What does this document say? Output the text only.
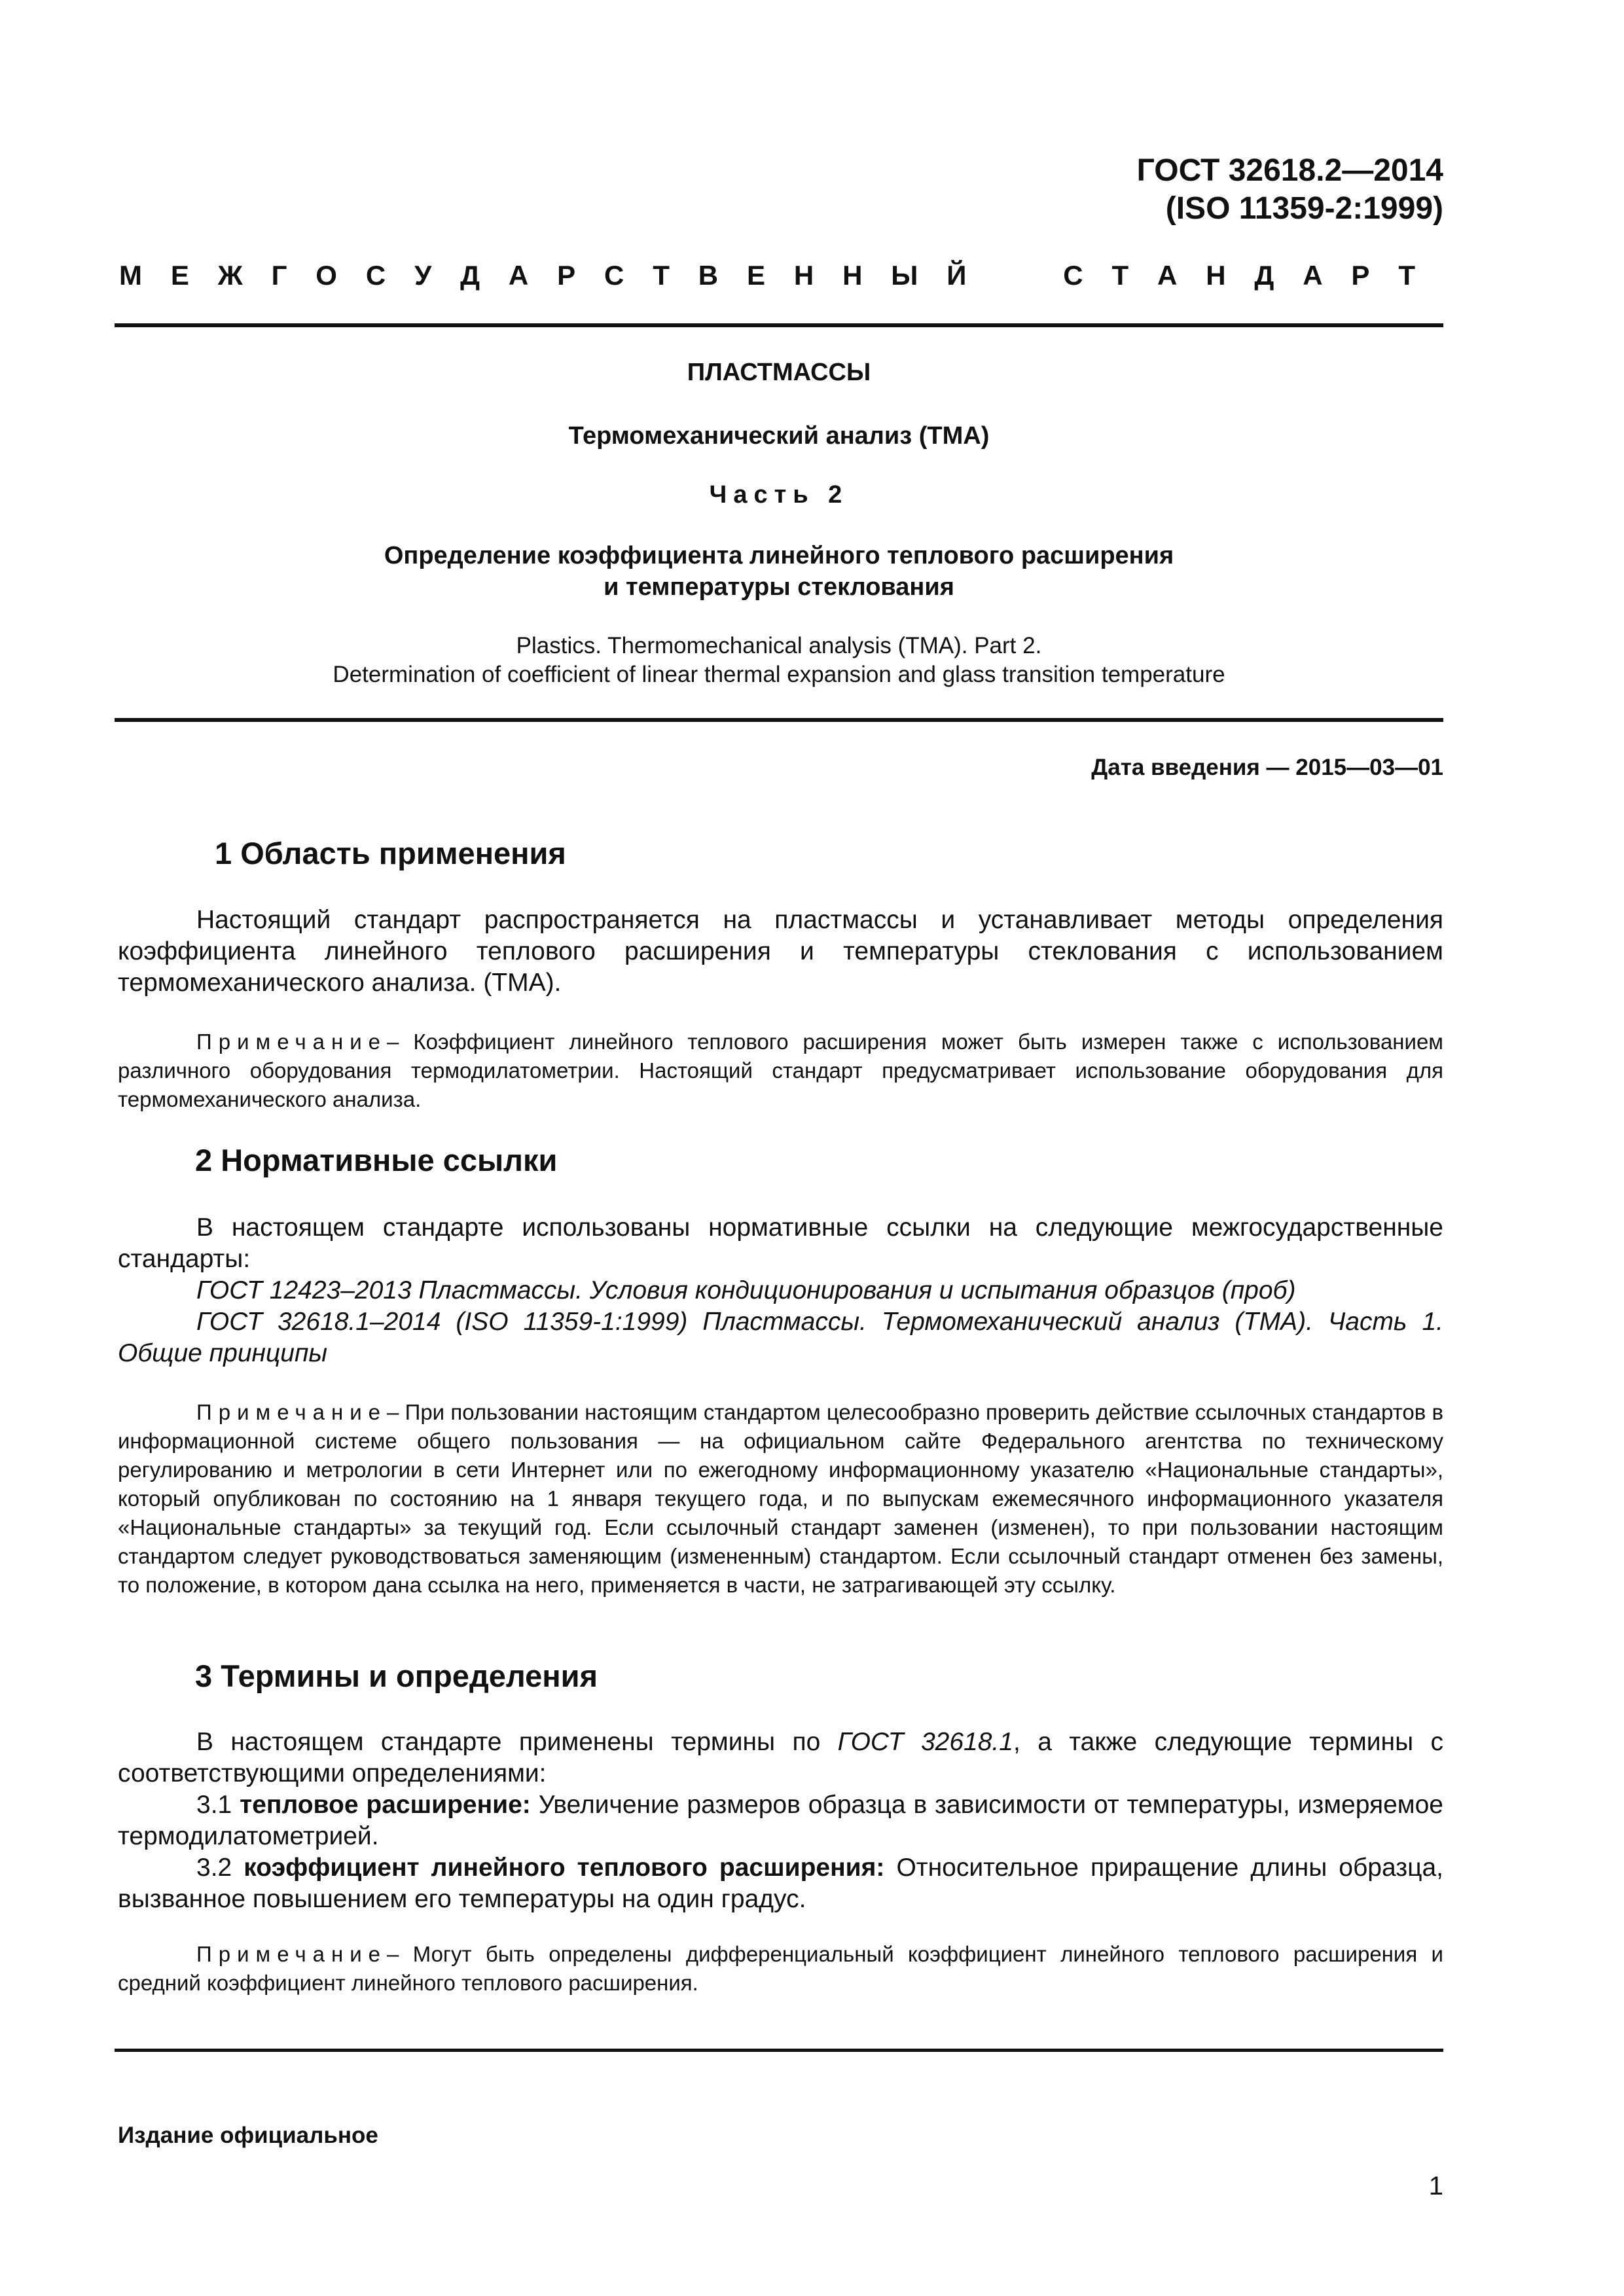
ГОСТ 32618.2—2014
(ISO 11359-2:1999)
М Е Ж Г О С У Д А Р С Т В Е Н Н Ы Й	С Т А Н Д А Р Т
ПЛАСТМАССЫ
Термомеханический анализ (ТМА)
Часть 2
Определение коэффициента линейного теплового расширения
и температуры стеклования
Plastics. Thermomechanical analysis (TMA). Part 2.
Determination of coefficient of linear thermal expansion and glass transition temperature
Дата введения — 2015—03—01
1 Область применения

Настоящий стандарт распространяется на пластмассы и устанавливает методы определения коэффициента линейного теплового расширения и температуры стеклования с использованием термомеханического анализа. (ТМА).

Примечание– Коэффициент линейного теплового расширения может быть измерен также с использованием различного оборудования термодилатометрии. Настоящий стандарт предусматривает использование оборудования для термомеханического анализа.

2 Нормативные ссылки

В настоящем стандарте использованы нормативные ссылки на следующие межгосударственные стандарты:

ГОСТ 12423–2013 Пластмассы. Условия кондиционирования и испытания образцов (проб)

ГОСТ 32618.1–2014 (ISO 11359-1:1999) Пластмассы. Термомеханический анализ (ТМА). Часть 1. Общие принципы

Примечание– При пользовании настоящим стандартом целесообразно проверить действие ссылочных стандартов в информационной системе общего пользования — на официальном сайте Федерального агентства по техническому регулированию и метрологии в сети Интернет или по ежегодному информационному указателю «Национальные стандарты», который опубликован по состоянию на 1 января текущего года, и по выпускам ежемесячного информационного указателя «Национальные стандарты» за текущий год. Если ссылочный стандарт заменен (изменен), то при пользовании настоящим стандартом следует руководствоваться заменяющим (измененным) стандартом. Если ссылочный стандарт отменен без замены, то положение, в котором дана ссылка на него, применяется в части, не затрагивающей эту ссылку.

3 Термины и определения

В настоящем стандарте применены термины по ГОСТ 32618.1, а также следующие термины с соответствующими определениями:

3.1 тепловое расширение: Увеличение размеров образца в зависимости от температуры, измеряемое термодилатометрией.

3.2 коэффициент линейного теплового расширения: Относительное приращение длины образца, вызванное повышением его температуры на один градус.

Примечание– Могут быть определены дифференциальный коэффициент линейного теплового расширения и средний коэффициент линейного теплового расширения.

Издание официальное
1
